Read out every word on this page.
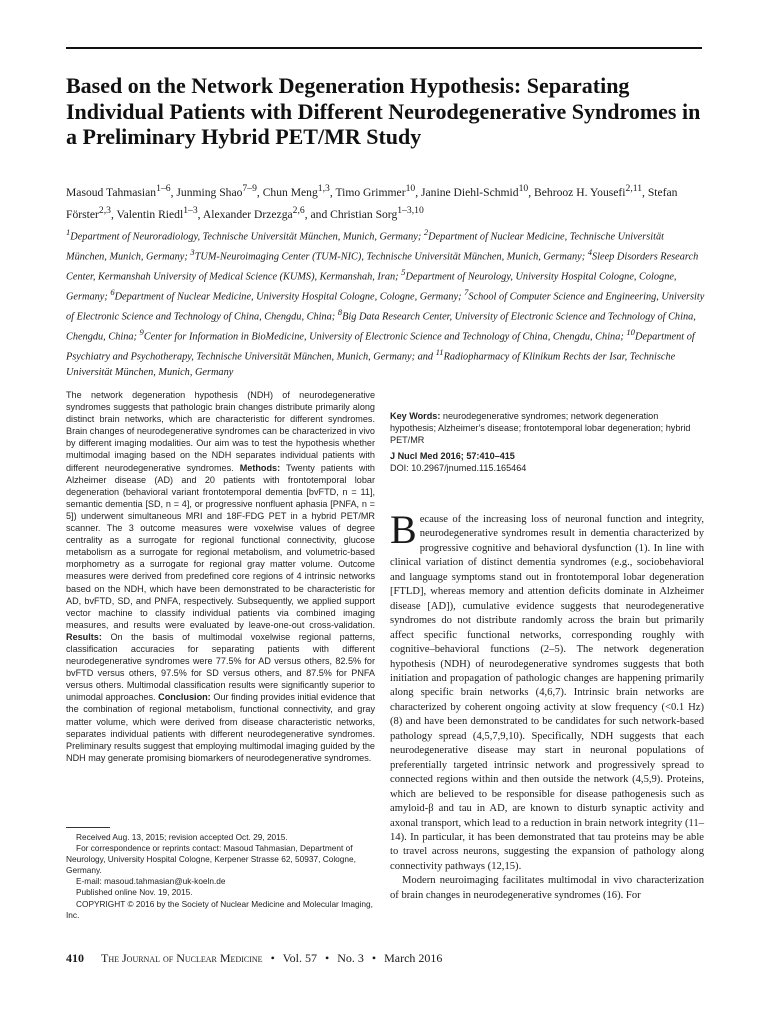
Based on the Network Degeneration Hypothesis: Separating Individual Patients with Different Neurodegenerative Syndromes in a Preliminary Hybrid PET/MR Study
Masoud Tahmasian$^{1-6}$, Junming Shao$^{7-9}$, Chun Meng$^{1,3}$, Timo Grimmer$^{10}$, Janine Diehl-Schmid$^{10}$, Behrooz H. Yousefi$^{2,11}$, Stefan Förster$^{2,3}$, Valentin Riedl$^{1-3}$, Alexander Drzezga$^{2,6}$, and Christian Sorg$^{1-3,10}$
$^1$Department of Neuroradiology, Technische Universität München, Munich, Germany; $^2$Department of Nuclear Medicine, Technische Universität München, Munich, Germany; $^3$TUM-Neuroimaging Center (TUM-NIC), Technische Universität München, Munich, Germany; $^4$Sleep Disorders Research Center, Kermanshah University of Medical Science (KUMS), Kermanshah, Iran; $^5$Department of Neurology, University Hospital Cologne, Cologne, Germany; $^6$Department of Nuclear Medicine, University Hospital Cologne, Cologne, Germany; $^7$School of Computer Science and Engineering, University of Electronic Science and Technology of China, Chengdu, China; $^8$Big Data Research Center, University of Electronic Science and Technology of China, Chengdu, China; $^9$Center for Information in BioMedicine, University of Electronic Science and Technology of China, Chengdu, China; $^{10}$Department of Psychiatry and Psychotherapy, Technische Universität München, Munich, Germany; and $^{11}$Radiopharmacy of Klinikum Rechts der Isar, Technische Universität München, Munich, Germany
The network degeneration hypothesis (NDH) of neurodegenerative syndromes suggests that pathologic brain changes distribute primarily along distinct brain networks, which are characteristic for different syndromes. Brain changes of neurodegenerative syndromes can be characterized in vivo by different imaging modalities. Our aim was to test the hypothesis whether multimodal imaging based on the NDH separates individual patients with different neurodegenerative syndromes. Methods: Twenty patients with Alzheimer disease (AD) and 20 patients with frontotemporal lobar degeneration (behavioral variant frontotemporal dementia [bvFTD, n = 11], semantic dementia [SD, n = 4], or progressive nonfluent aphasia [PNFA, n = 5]) underwent simultaneous MRI and 18F-FDG PET in a hybrid PET/MR scanner. The 3 outcome measures were voxelwise values of degree centrality as a surrogate for regional functional connectivity, glucose metabolism as a surrogate for regional metabolism, and volumetric-based morphometry as a surrogate for regional gray matter volume. Outcome measures were derived from predefined core regions of 4 intrinsic networks based on the NDH, which have been demonstrated to be characteristic for AD, bvFTD, SD, and PNFA, respectively. Subsequently, we applied support vector machine to classify individual patients via combined imaging measures, and results were evaluated by leave-one-out cross-validation. Results: On the basis of multimodal voxelwise regional patterns, classification accuracies for separating patients with different neurodegenerative syndromes were 77.5% for AD versus others, 82.5% for bvFTD versus others, 97.5% for SD versus others, and 87.5% for PNFA versus others. Multimodal classification results were significantly superior to unimodal approaches. Conclusion: Our finding provides initial evidence that the combination of regional metabolism, functional connectivity, and gray matter volume, which were derived from disease characteristic networks, separates individual patients with different neurodegenerative syndromes. Preliminary results suggest that employing multimodal imaging guided by the NDH may generate promising biomarkers of neurodegenerative syndromes.
Key Words: neurodegenerative syndromes; network degeneration hypothesis; Alzheimer's disease; frontotemporal lobar degeneration; hybrid PET/MR
J Nucl Med 2016; 57:410–415
DOI: 10.2967/jnumed.115.165464

Received Aug. 13, 2015; revision accepted Oct. 29, 2015.

For correspondence or reprints contact: Masoud Tahmasian, Department of Neurology, University Hospital Cologne, Kerpener Strasse 62, 50937, Cologne, Germany.

E-mail: masoud.tahmasian@uk-koeln.de

Published online Nov. 19, 2015.

COPYRIGHT © 2016 by the Society of Nuclear Medicine and Molecular Imaging, Inc.

Because of the increasing loss of neuronal function and integrity, neurodegenerative syndromes result in dementia characterized by progressive cognitive and behavioral dysfunction (1). In line with clinical variation of distinct dementia syndromes (e.g., sociobehavioral and language symptoms stand out in frontotemporal lobar degeneration [FTLD], whereas memory and attention deficits dominate in Alzheimer disease [AD]), cumulative evidence suggests that neurodegenerative syndromes do not distribute randomly across the brain but primarily affect specific functional networks, corresponding roughly with cognitive–behavioral functions (2–5). The network degeneration hypothesis (NDH) of neurodegenerative syndromes suggests that both initiation and propagation of pathologic changes are happening primarily along specific brain networks (4,6,7). Intrinsic brain networks are characterized by coherent ongoing activity at slow frequency (<0.1 Hz) (8) and have been demonstrated to be candidates for such network-based pathology spread (4,5,7,9,10). Specifically, NDH suggests that each neurodegenerative disease may start in neuronal populations of preferentially targeted intrinsic network and progressively spread to connected regions within and then outside the network (4,5,9). Proteins, which are believed to be responsible for disease pathogenesis such as amyloid-β and tau in AD, are known to disturb synaptic activity and axonal transport, which lead to a reduction in brain network integrity (11–14). In particular, it has been demonstrated that tau proteins may be able to travel across neurons, suggesting the expansion of pathology along connectivity pathways (12,15).

Modern neuroimaging facilitates multimodal in vivo characterization of brain changes in neurodegenerative syndromes (16). For

410 The Journal of Nuclear Medicine • Vol. 57 • No. 3 • March 2016
